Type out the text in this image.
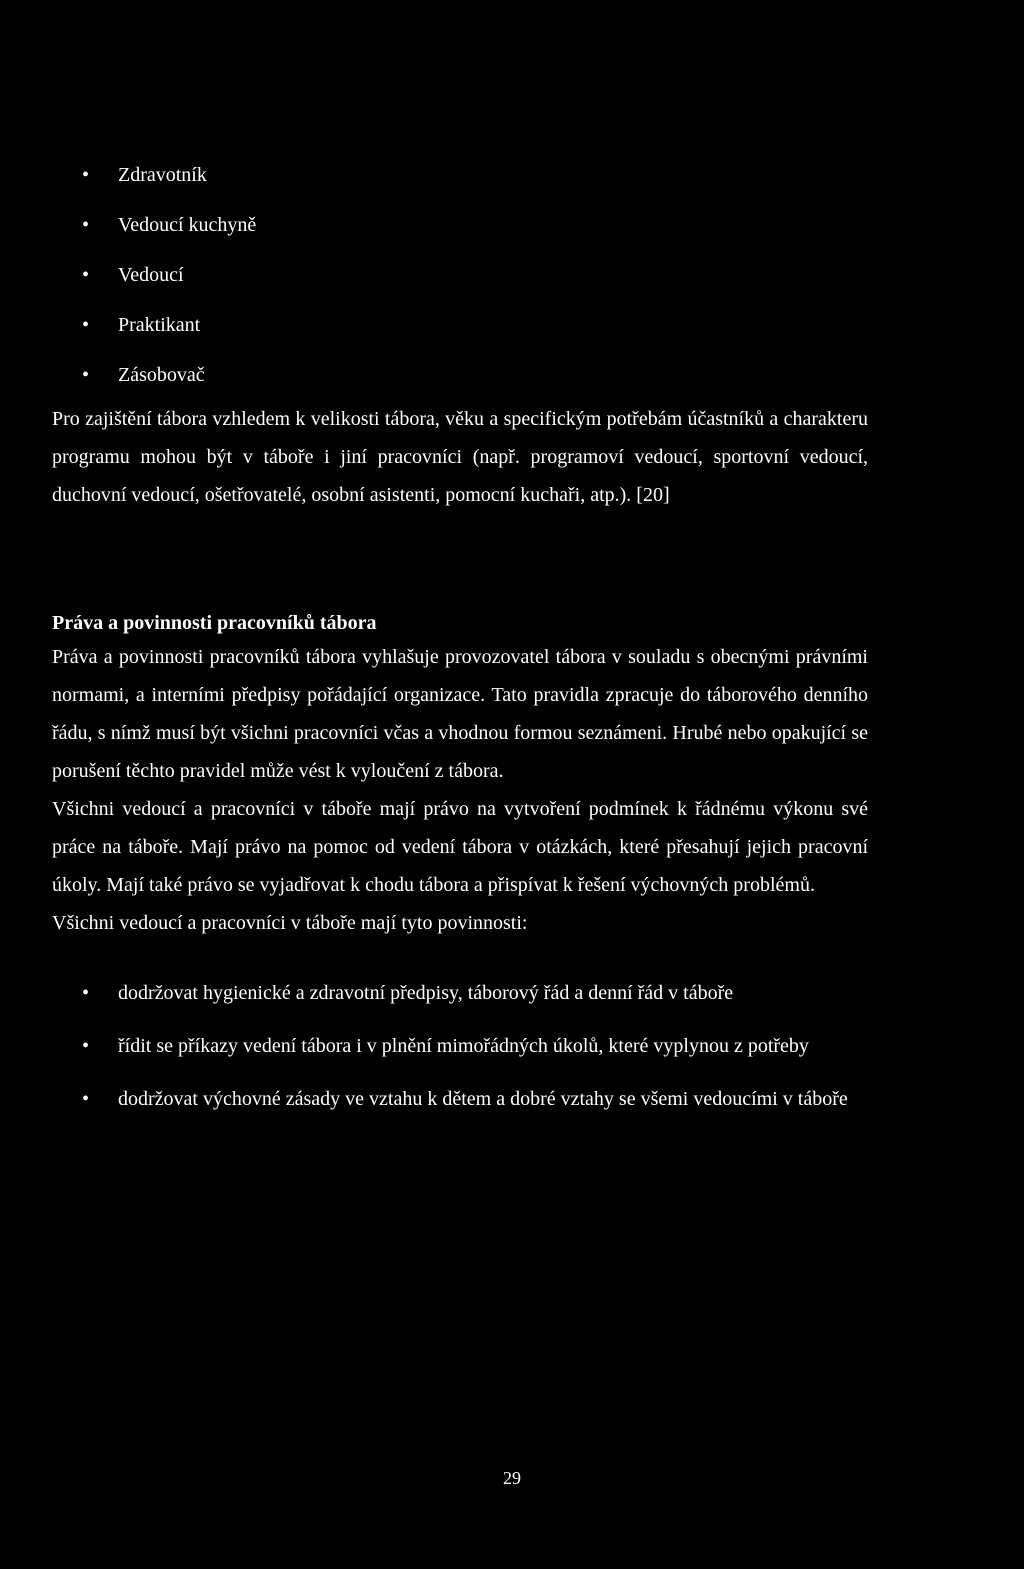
• Zdravotník
• Vedoucí kuchyně
• Vedoucí
• Praktikant
• Zásobovač

Pro zajištění tábora vzhledem k velikosti tábora, věku a specifickým potřebám účastníků a charakteru programu mohou být v táboře i jiní pracovníci (např. programoví vedoucí, sportovní vedoucí, duchovní vedoucí, ošetřovatelé, osobní asistenti, pomocní kuchaři, atp.). [20]

Práva a povinnosti pracovníků tábora

Práva a povinnosti pracovníků tábora vyhlašuje provozovatel tábora v souladu s obecnými právními normami, a interními předpisy pořádající organizace. Tato pravidla zpracuje do táborového denního řádu, s nímž musí být všichni pracovníci včas a vhodnou formou seznámeni. Hrubé nebo opakující se porušení těchto pravidel může vést k vyloučení z tábora.

Všichni vedoucí a pracovníci v táboře mají právo na vytvoření podmínek k řádnému výkonu své práce na táboře. Mají právo na pomoc od vedení tábora v otázkách, které přesahují jejich pracovní úkoly. Mají také právo se vyjadřovat k chodu tábora a přispívat k řešení výchovných problémů.

Všichni vedoucí a pracovníci v táboře mají tyto povinnosti:

• dodržovat hygienické a zdravotní předpisy, táborový řád a denní řád v táboře
• řídit se příkazy vedení tábora i v plnění mimořádných úkolů, které vyplynou z potřeby
• dodržovat výchovné zásady ve vztahu k dětem a dobré vztahy se všemi vedoucími v táboře
29
